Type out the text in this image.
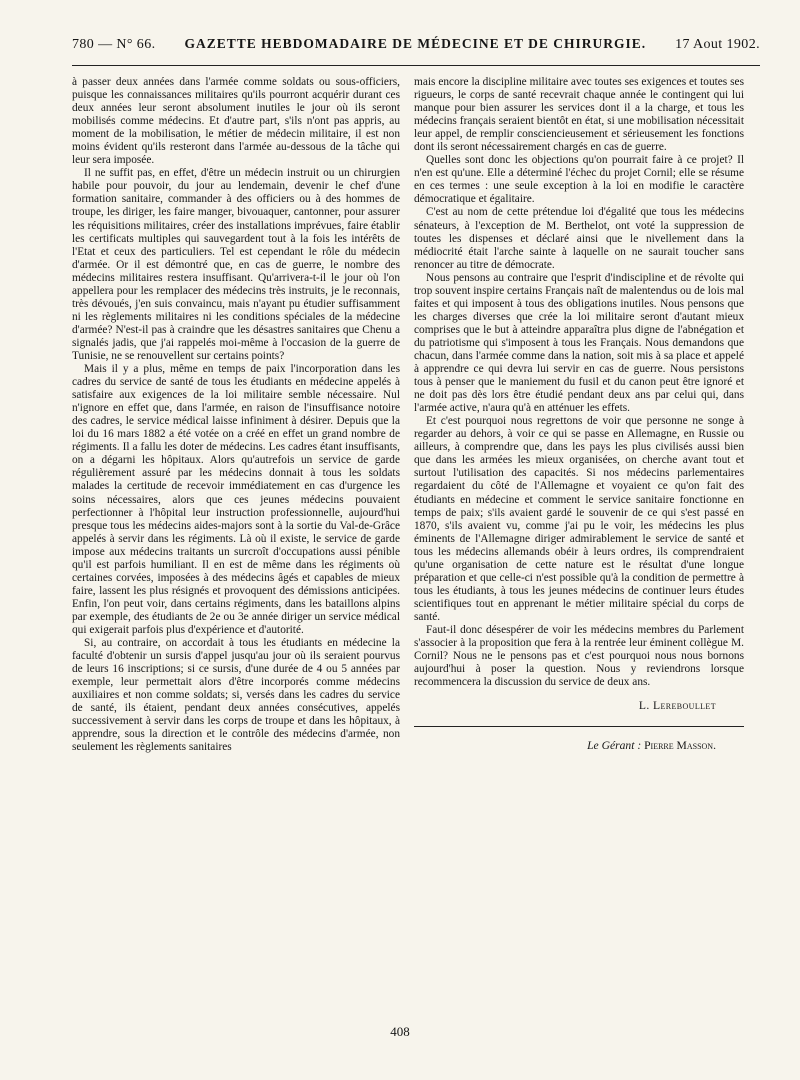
780 — N° 66. GAZETTE HEBDOMADAIRE DE MÉDECINE ET DE CHIRURGIE. 17 Aout 1902.

à passer deux années dans l'armée comme soldats ou sous-officiers, puisque les connaissances militaires qu'ils pourront acquérir durant ces deux années leur seront absolument inutiles le jour où ils seront mobilisés comme médecins. Et d'autre part, s'ils n'ont pas appris, au moment de la mobilisation, le métier de médecin militaire, il est non moins évident qu'ils resteront dans l'armée au-dessous de la tâche qui leur sera imposée.

Il ne suffit pas, en effet, d'être un médecin instruit ou un chirurgien habile pour pouvoir, du jour au lendemain, devenir le chef d'une formation sanitaire, commander à des officiers ou à des hommes de troupe, les diriger, les faire manger, bivouaquer, cantonner, pour assurer les réquisitions militaires, créer des installations imprévues, faire établir les certificats multiples qui sauvegardent tout à la fois les intérêts de l'Etat et ceux des particuliers. Tel est cependant le rôle du médecin d'armée. Or il est démontré que, en cas de guerre, le nombre des médecins militaires restera insuffisant. Qu'arrivera-t-il le jour où l'on appellera pour les remplacer des médecins très instruits, je le reconnais, très dévoués, j'en suis convaincu, mais n'ayant pu étudier suffisamment ni les règlements militaires ni les conditions spéciales de la médecine d'armée? N'est-il pas à craindre que les désastres sanitaires que Chenu a signalés jadis, que j'ai rappelés moi-même à l'occasion de la guerre de Tunisie, ne se renouvellent sur certains points?

Mais il y a plus, même en temps de paix l'incorporation dans les cadres du service de santé de tous les étudiants en médecine appelés à satisfaire aux exigences de la loi militaire semble nécessaire. Nul n'ignore en effet que, dans l'armée, en raison de l'insuffisance notoire des cadres, le service médical laisse infiniment à désirer. Depuis que la loi du 16 mars 1882 a été votée on a créé en effet un grand nombre de régiments. Il a fallu les doter de médecins. Les cadres étant insuffisants, on a dégarni les hôpitaux. Alors qu'autrefois un service de garde régulièrement assuré par les médecins donnait à tous les soldats malades la certitude de recevoir immédiatement en cas d'urgence les soins nécessaires, alors que ces jeunes médecins pouvaient perfectionner à l'hôpital leur instruction professionnelle, aujourd'hui presque tous les médecins aides-majors sont à la sortie du Val-de-Grâce appelés à servir dans les régiments. Là où il existe, le service de garde impose aux médecins traitants un surcroît d'occupations aussi pénible qu'il est parfois humiliant. Il en est de même dans les régiments où certaines corvées, imposées à des médecins âgés et capables de mieux faire, lassent les plus résignés et provoquent des démissions anticipées. Enfin, l'on peut voir, dans certains régiments, dans les bataillons alpins par exemple, des étudiants de 2e ou 3e année diriger un service médical qui exigerait parfois plus d'expérience et d'autorité.

Si, au contraire, on accordait à tous les étudiants en médecine la faculté d'obtenir un sursis d'appel jusqu'au jour où ils seraient pourvus de leurs 16 inscriptions; si ce sursis, d'une durée de 4 ou 5 années par exemple, leur permettait alors d'être incorporés comme médecins auxiliaires et non comme soldats; si, versés dans les cadres du service de santé, ils étaient, pendant deux années consécutives, appelés successivement à servir dans les corps de troupe et dans les hôpitaux, à apprendre, sous la direction et le contrôle des médecins d'armée, non seulement les règlements sanitaires

mais encore la discipline militaire avec toutes ses exigences et toutes ses rigueurs, le corps de santé recevrait chaque année le contingent qui lui manque pour bien assurer les services dont il a la charge, et tous les médecins français seraient bientôt en état, si une mobilisation nécessitait leur appel, de remplir consciencieusement et sérieusement les fonctions dont ils seront nécessairement chargés en cas de guerre.

Quelles sont donc les objections qu'on pourrait faire à ce projet? Il n'en est qu'une. Elle a déterminé l'échec du projet Cornil; elle se résume en ces termes : une seule exception à la loi en modifie le caractère démocratique et égalitaire.

C'est au nom de cette prétendue loi d'égalité que tous les médecins sénateurs, à l'exception de M. Berthelot, ont voté la suppression de toutes les dispenses et déclaré ainsi que le nivellement dans la médiocrité était l'arche sainte à laquelle on ne saurait toucher sans renoncer au titre de démocrate.

Nous pensons au contraire que l'esprit d'indiscipline et de révolte qui trop souvent inspire certains Français naît de malentendus ou de lois mal faites et qui imposent à tous des obligations inutiles. Nous pensons que les charges diverses que crée la loi militaire seront d'autant mieux comprises que le but à atteindre apparaîtra plus digne de l'abnégation et du patriotisme qui s'imposent à tous les Français. Nous demandons que chacun, dans l'armée comme dans la nation, soit mis à sa place et appelé à apprendre ce qui devra lui servir en cas de guerre. Nous persistons tous à penser que le maniement du fusil et du canon peut être ignoré et ne doit pas dès lors être étudié pendant deux ans par celui qui, dans l'armée active, n'aura qu'à en atténuer les effets.

Et c'est pourquoi nous regrettons de voir que personne ne songe à regarder au dehors, à voir ce qui se passe en Allemagne, en Russie ou ailleurs, à comprendre que, dans les pays les plus civilisés aussi bien que dans les armées les mieux organisées, on cherche avant tout et surtout l'utilisation des capacités. Si nos médecins parlementaires regardaient du côté de l'Allemagne et voyaient ce qu'on fait des étudiants en médecine et comment le service sanitaire fonctionne en temps de paix; s'ils avaient gardé le souvenir de ce qui s'est passé en 1870, s'ils avaient vu, comme j'ai pu le voir, les médecins les plus éminents de l'Allemagne diriger admirablement le service de santé et tous les médecins allemands obéir à leurs ordres, ils comprendraient qu'une organisation de cette nature est le résultat d'une longue préparation et que celle-ci n'est possible qu'à la condition de permettre à tous les étudiants, à tous les jeunes médecins de continuer leurs études scientifiques tout en apprenant le métier militaire spécial du corps de santé.

Faut-il donc désespérer de voir les médecins membres du Parlement s'associer à la proposition que fera à la rentrée leur éminent collègue M. Cornil? Nous ne le pensons pas et c'est pourquoi nous nous bornons aujourd'hui à poser la question. Nous y reviendrons lorsque recommencera la discussion du service de deux ans.

L. Lereboullet
Le Gérant : Pierre Masson.
408
